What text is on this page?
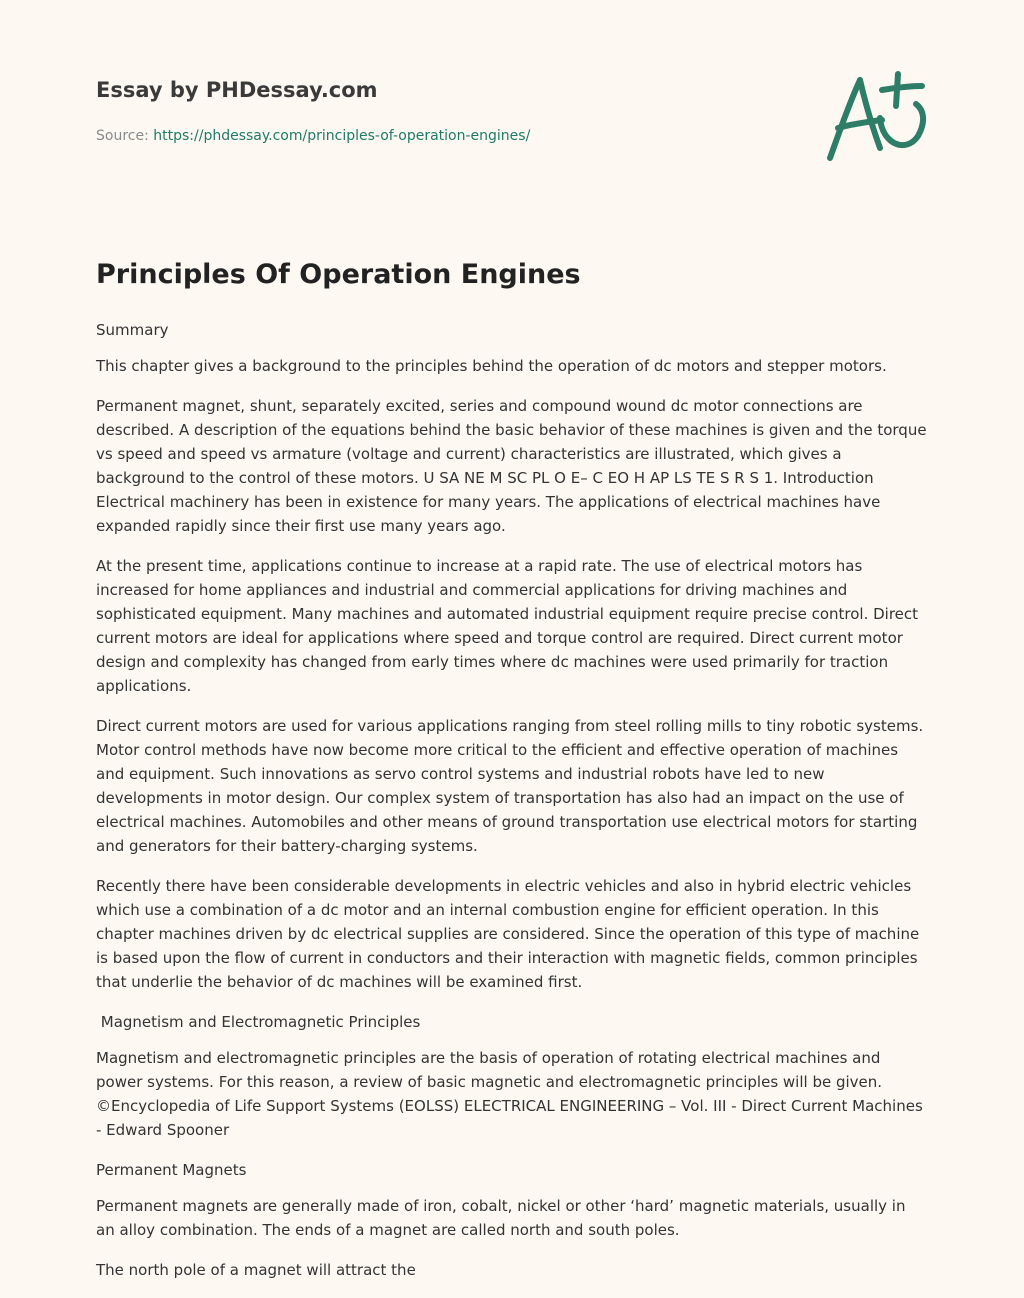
Essay by PHDessay.com

Source: https://phdessay.com/principles-of-operation-engines/
Principles Of Operation Engines

Summary

This chapter gives a background to the principles behind the operation of dc motors and stepper motors.

Permanent magnet, shunt, separately excited, series and compound wound dc motor connections are described. A description of the equations behind the basic behavior of these machines is given and the torque vs speed and speed vs armature (voltage and current) characteristics are illustrated, which gives a background to the control of these motors. U SA NE M SC PL O E– C EO H AP LS TE S R S 1. Introduction Electrical machinery has been in existence for many years. The applications of electrical machines have expanded rapidly since their first use many years ago.

At the present time, applications continue to increase at a rapid rate. The use of electrical motors has increased for home appliances and industrial and commercial applications for driving machines and sophisticated equipment. Many machines and automated industrial equipment require precise control. Direct current motors are ideal for applications where speed and torque control are required. Direct current motor design and complexity has changed from early times where dc machines were used primarily for traction applications.

Direct current motors are used for various applications ranging from steel rolling mills to tiny robotic systems. Motor control methods have now become more critical to the efficient and effective operation of machines and equipment. Such innovations as servo control systems and industrial robots have led to new developments in motor design. Our complex system of transportation has also had an impact on the use of electrical machines. Automobiles and other means of ground transportation use electrical motors for starting and generators for their battery-charging systems.

Recently there have been considerable developments in electric vehicles and also in hybrid electric vehicles which use a combination of a dc motor and an internal combustion engine for efficient operation. In this chapter machines driven by dc electrical supplies are considered. Since the operation of this type of machine is based upon the flow of current in conductors and their interaction with magnetic fields, common principles that underlie the behavior of dc machines will be examined first.

Magnetism and Electromagnetic Principles

Magnetism and electromagnetic principles are the basis of operation of rotating electrical machines and power systems. For this reason, a review of basic magnetic and electromagnetic principles will be given. ©Encyclopedia of Life Support Systems (EOLSS) ELECTRICAL ENGINEERING – Vol. III - Direct Current Machines - Edward Spooner

Permanent Magnets

Permanent magnets are generally made of iron, cobalt, nickel or other ‘hard’ magnetic materials, usually in an alloy combination. The ends of a magnet are called north and south poles.

The north pole of a magnet will attract the
